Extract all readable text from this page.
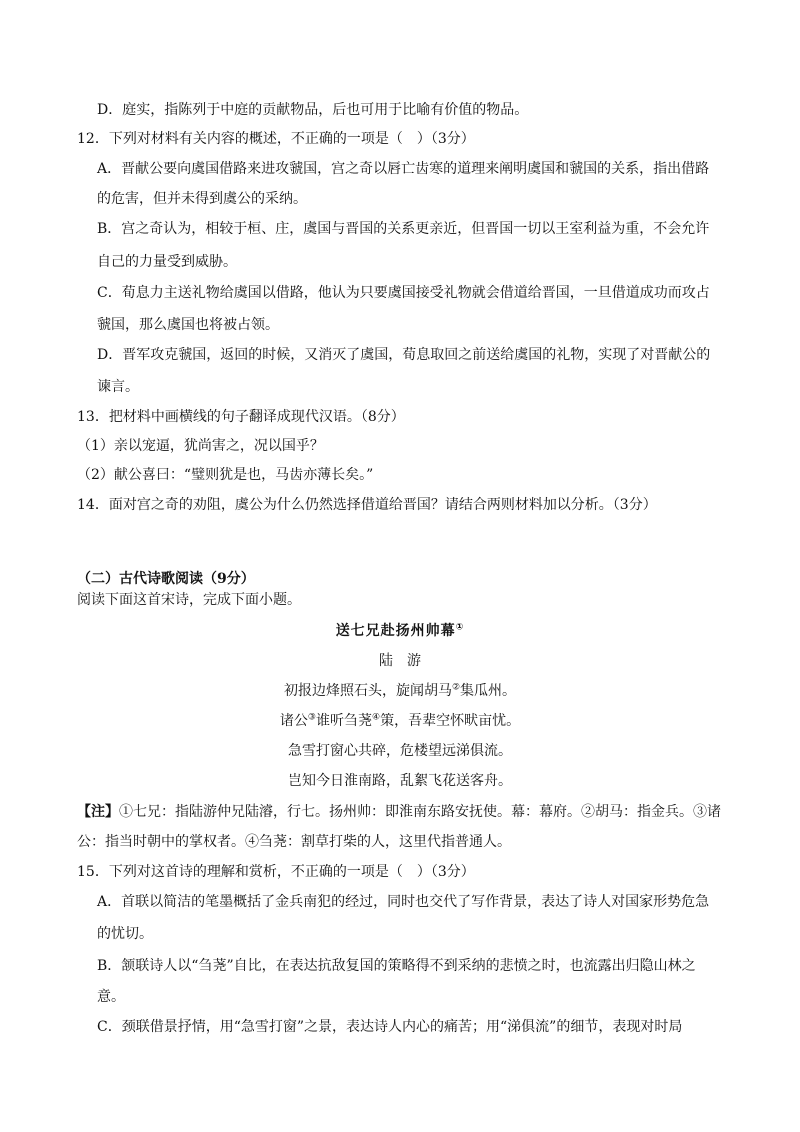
D．庭实，指陈列于中庭的贡献物品，后也可用于比喻有价值的物品。
12．下列对材料有关内容的概述，不正确的一项是（　）（3分）
A．晋献公要向虞国借路来进攻虢国，宫之奇以唇亡齿寒的道理来阐明虞国和虢国的关系，指出借路
的危害，但并未得到虞公的采纳。
B．宫之奇认为，相较于桓、庄，虞国与晋国的关系更亲近，但晋国一切以王室利益为重，不会允许
自己的力量受到威胁。
C．荀息力主送礼物给虞国以借路，他认为只要虞国接受礼物就会借道给晋国，一旦借道成功而攻占
虢国，那么虞国也将被占领。
D．晋军攻克虢国，返回的时候，又消灭了虞国，荀息取回之前送给虞国的礼物，实现了对晋献公的
谏言。
13．把材料中画横线的句子翻译成现代汉语。（8分）
（1）亲以宠逼，犹尚害之，况以国乎？
（2）献公喜曰：“璧则犹是也，马齿亦薄长矣。”
14．面对宫之奇的劝阻，虞公为什么仍然选择借道给晋国？请结合两则材料加以分析。（3分）
（二）古代诗歌阅读（9分）
阅读下面这首宋诗，完成下面小题。
送七兄赴扬州帅幕①
陆　游
初报边烽照石头，旋闻胡马②集瓜州。
诸公③谁听刍荛④策，吾辈空怀畎亩忧。
急雪打窗心共碎，危楼望远涕俱流。
岂知今日淮南路，乱絮飞花送客舟。
【注】①七兄：指陆游仲兄陆濬，行七。扬州帅：即淮南东路安抚使。幕：幕府。②胡马：指金兵。③诸
公：指当时朝中的掌权者。④刍荛：割草打柴的人，这里代指普通人。
15．下列对这首诗的理解和赏析，不正确的一项是（　）（3分）
A．首联以简洁的笔墨概括了金兵南犯的经过，同时也交代了写作背景，表达了诗人对国家形势危急
的忧切。
B．颔联诗人以“刍荛”自比，在表达抗敌复国的策略得不到采纳的悲愤之时，也流露出归隐山林之
意。
C．颈联借景抒情，用“急雪打窗”之景，表达诗人内心的痛苦；用“涕俱流”的细节，表现对时局
